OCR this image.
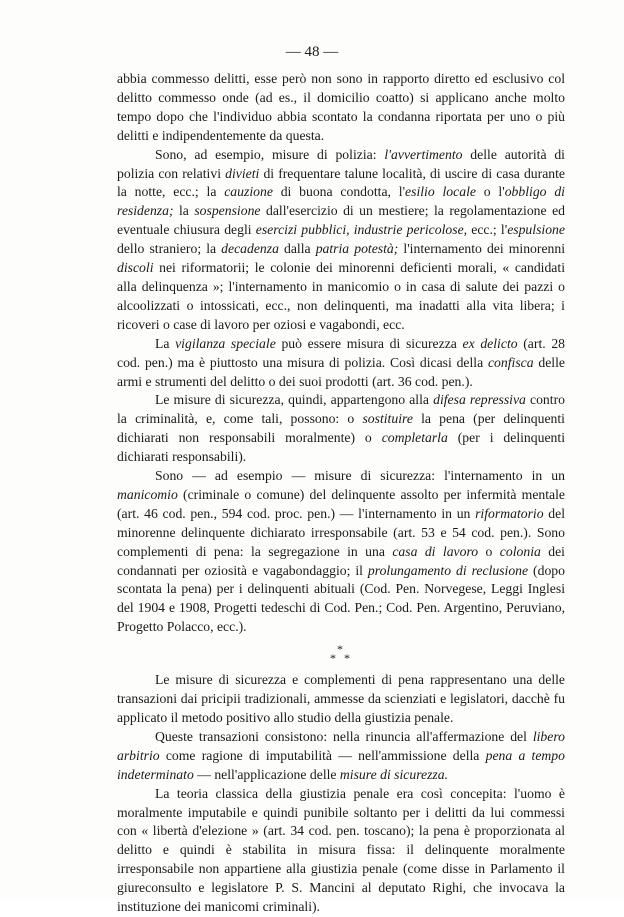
— 48 —

abbia commesso delitti, esse però non sono in rapporto diretto ed esclusivo col delitto commesso onde (ad es., il domicilio coatto) si applicano anche molto tempo dopo che l'individuo abbia scontato la condanna riportata per uno o più delitti e indipendentemente da questa.

Sono, ad esempio, misure di polizia: l'avvertimento delle autorità di polizia con relativi divieti di frequentare talune località, di uscire di casa durante la notte, ecc.; la cauzione di buona condotta, l'esilio locale o l'obbligo di residenza; la sospensione dall'esercizio di un mestiere; la regolamentazione ed eventuale chiusura degli esercizi pubblici, industrie pericolose, ecc.; l'espulsione dello straniero; la decadenza dalla patria potestà; l'internamento dei minorenni discoli nei riformatorii; le colonie dei minorenni deficienti morali, « candidati alla delinquenza »; l'internamento in manicomio o in casa di salute dei pazzi o alcoolizzati o intossicati, ecc., non delinquenti, ma inadatti alla vita libera; i ricoveri o case di lavoro per oziosi e vagabondi, ecc.

La vigilanza speciale può essere misura di sicurezza ex delicto (art. 28 cod. pen.) ma è piuttosto una misura di polizia. Così dicasi della confisca delle armi e strumenti del delitto o dei suoi prodotti (art. 36 cod. pen.).

Le misure di sicurezza, quindi, appartengono alla difesa repressiva contro la criminalità, e, come tali, possono: o sostituire la pena (per delinquenti dichiarati non responsabili moralmente) o completarla (per i delinquenti dichiarati responsabili).

Sono — ad esempio — misure di sicurezza: l'internamento in un manicomio (criminale o comune) del delinquente assolto per infermità mentale (art. 46 cod. pen., 594 cod. proc. pen.) — l'internamento in un riformatorio del minorenne delinquente dichiarato irresponsabile (art. 53 e 54 cod. pen.). Sono complementi di pena: la segregazione in una casa di lavoro o colonia dei condannati per oziosità e vagabondaggio; il prolungamento di reclusione (dopo scontata la pena) per i delinquenti abituali (Cod. Pen. Norvegese, Leggi Inglesi del 1904 e 1908, Progetti tedeschi di Cod. Pen.; Cod. Pen. Argentino, Peruviano, Progetto Polacco, ecc.).

*
* *

Le misure di sicurezza e complementi di pena rappresentano una delle transazioni dai pricipii tradizionali, ammesse da scienziati e legislatori, dacchè fu applicato il metodo positivo allo studio della giustizia penale.

Queste transazioni consistono: nella rinuncia all'affermazione del libero arbitrio come ragione di imputabilità — nell'ammissione della pena a tempo indeterminato — nell'applicazione delle misure di sicurezza.

La teoria classica della giustizia penale era così concepita: l'uomo è moralmente imputabile e quindi punibile soltanto per i delitti da lui commessi con « libertà d'elezione » (art. 34 cod. pen. toscano); la pena è proporzionata al delitto e quindi è stabilita in misura fissa: il delinquente moralmente irresponsabile non appartiene alla giustizia penale (come disse in Parlamento il giureconsulto e legislatore P. S. Mancini al deputato Righi, che invocava la instituzione dei manicomi criminali).
